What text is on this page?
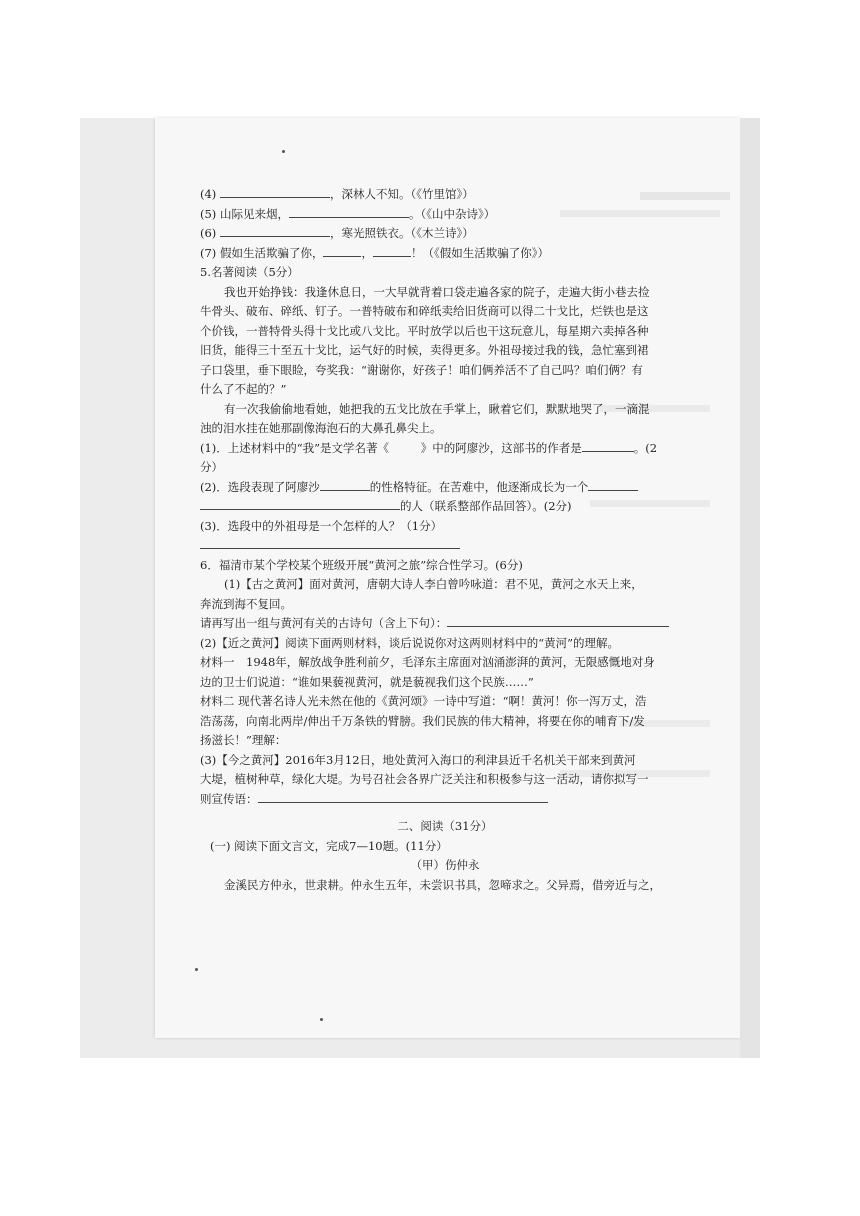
(4)	，深林人不知。（《竹里馆》）
(5) 山际见来烟，	。（《山中杂诗》）
(6)	，寒光照铁衣。（《木兰诗》）
(7) 假如生活欺骗了你，	，	！（《假如生活欺骗了你》）
5.名著阅读（5分）
我也开始挣钱：我逢休息日，一大早就背着口袋走遍各家的院子，走遍大街小巷去捡
牛骨头、破布、碎纸、钉子。一普特破布和碎纸卖给旧货商可以得二十戈比，烂铁也是这
个价钱，一普特骨头得十戈比或八戈比。平时放学以后也干这玩意儿，每星期六卖掉各种
旧货，能得三十至五十戈比，运气好的时候，卖得更多。外祖母接过我的钱，急忙塞到裙
子口袋里，垂下眼睑，夸奖我：“谢谢你，好孩子！咱们俩养活不了自己吗？咱们俩？有
什么了不起的？”
有一次我偷偷地看她，她把我的五戈比放在手掌上，瞅着它们，默默地哭了，一滴混
浊的泪水挂在她那副像海泡石的大鼻孔鼻尖上。
(1)．上述材料中的“我”是文学名著《	》中的阿廖沙，这部书的作者是	。(2
分）
(2)．选段表现了阿廖沙	的性格特征。在苦难中，他逐渐成长为一个
的人（联系整部作品回答）。(2分)
(3)．选段中的外祖母是一个怎样的人？（1分）
6．福清市某个学校某个班级开展“黄河之旅”综合性学习。(6分)
(1)【古之黄河】面对黄河，唐朝大诗人李白曾吟咏道：君不见，黄河之水天上来，
奔流到海不复回。
请再写出一组与黄河有关的古诗句（含上下句）：
(2)【近之黄河】阅读下面两则材料，谈后说说你对这两则材料中的“黄河”的理解。
材料一　1948年，解放战争胜利前夕，毛泽东主席面对汹涌澎湃的黄河，无限感慨地对身
边的卫士们说道：“谁如果藐视黄河，就是藐视我们这个民族……”
材料二 现代著名诗人光未然在他的《黄河颂》一诗中写道：“啊！黄河！你一泻万丈，浩
浩荡荡，向南北两岸/伸出千万条铁的臂膀。我们民族的伟大精神，将要在你的哺育下/发
扬滋长！”理解：
(3)【今之黄河】2016年3月12日，地处黄河入海口的利津县近千名机关干部来到黄河
大堤，植树种草，绿化大堤。为号召社会各界广泛关注和积极参与这一活动，请你拟写一
则宣传语：
二、阅读（31分）
(一) 阅读下面文言文，完成7—10题。(11分）
（甲）伤仲永
金溪民方仲永，世隶耕。仲永生五年，未尝识书具，忽啼求之。父异焉，借旁近与之，
